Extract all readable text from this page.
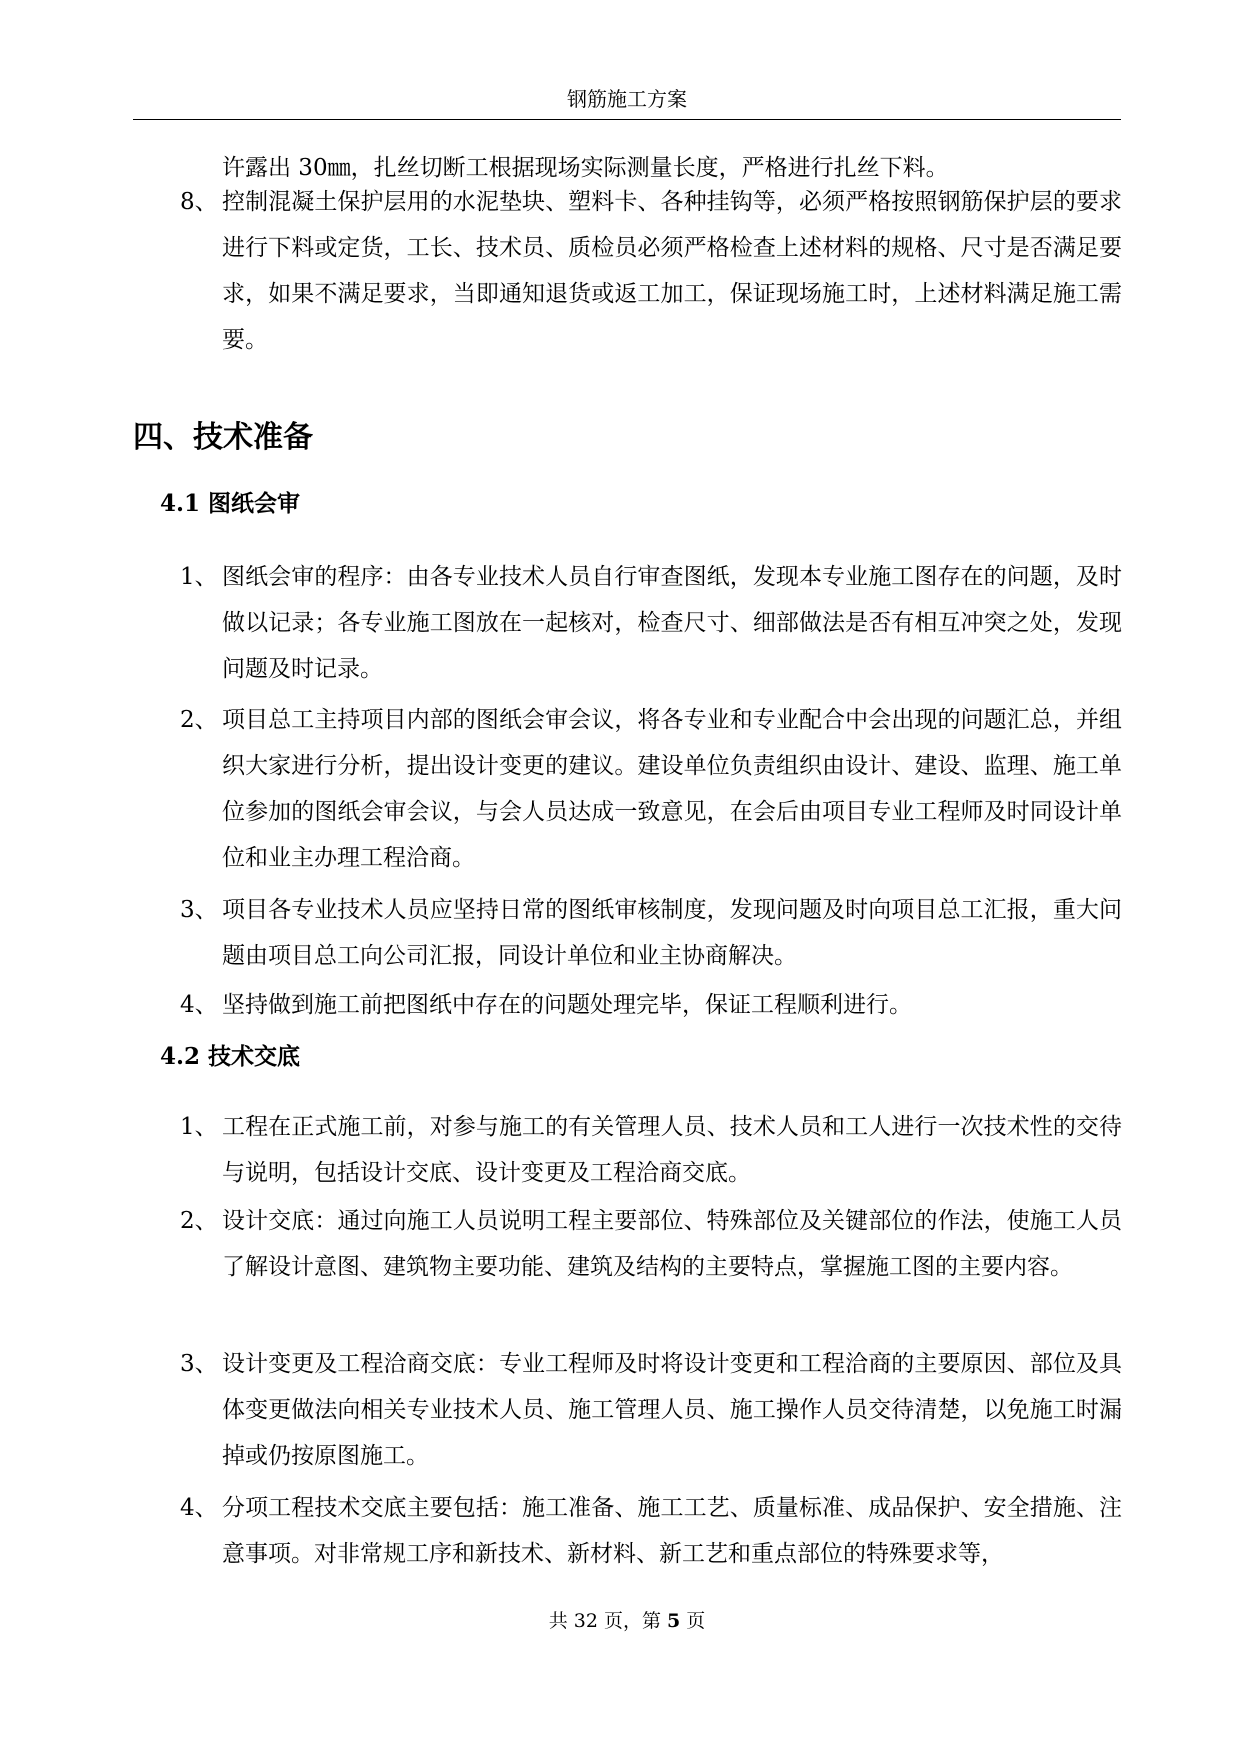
钢筋施工方案

许露出 30㎜，扎丝切断工根据现场实际测量长度，严格进行扎丝下料。

8、 控制混凝土保护层用的水泥垫块、塑料卡、各种挂钩等，必须严格按照钢筋保护层的要求进行下料或定货，工长、技术员、质检员必须严格检查上述材料的规格、尺寸是否满足要求，如果不满足要求，当即通知退货或返工加工，保证现场施工时，上述材料满足施工需要。
四、技术准备
4.1 图纸会审
1、 图纸会审的程序：由各专业技术人员自行审查图纸，发现本专业施工图存在的问题，及时做以记录；各专业施工图放在一起核对，检查尺寸、细部做法是否有相互冲突之处，发现问题及时记录。
2、 项目总工主持项目内部的图纸会审会议，将各专业和专业配合中会出现的问题汇总，并组织大家进行分析，提出设计变更的建议。建设单位负责组织由设计、建设、监理、施工单位参加的图纸会审会议，与会人员达成一致意见，在会后由项目专业工程师及时同设计单位和业主办理工程洽商。
3、 项目各专业技术人员应坚持日常的图纸审核制度，发现问题及时向项目总工汇报，重大问题由项目总工向公司汇报，同设计单位和业主协商解决。
4、 坚持做到施工前把图纸中存在的问题处理完毕，保证工程顺利进行。
4.2 技术交底
1、 工程在正式施工前，对参与施工的有关管理人员、技术人员和工人进行一次技术性的交待与说明，包括设计交底、设计变更及工程洽商交底。
2、 设计交底：通过向施工人员说明工程主要部位、特殊部位及关键部位的作法，使施工人员了解设计意图、建筑物主要功能、建筑及结构的主要特点，掌握施工图的主要内容。
3、 设计变更及工程洽商交底：专业工程师及时将设计变更和工程洽商的主要原因、部位及具体变更做法向相关专业技术人员、施工管理人员、施工操作人员交待清楚，以免施工时漏掉或仍按原图施工。
4、 分项工程技术交底主要包括：施工准备、施工工艺、质量标准、成品保护、安全措施、注意事项。对非常规工序和新技术、新材料、新工艺和重点部位的特殊要求等，
共 32 页，第 5 页
